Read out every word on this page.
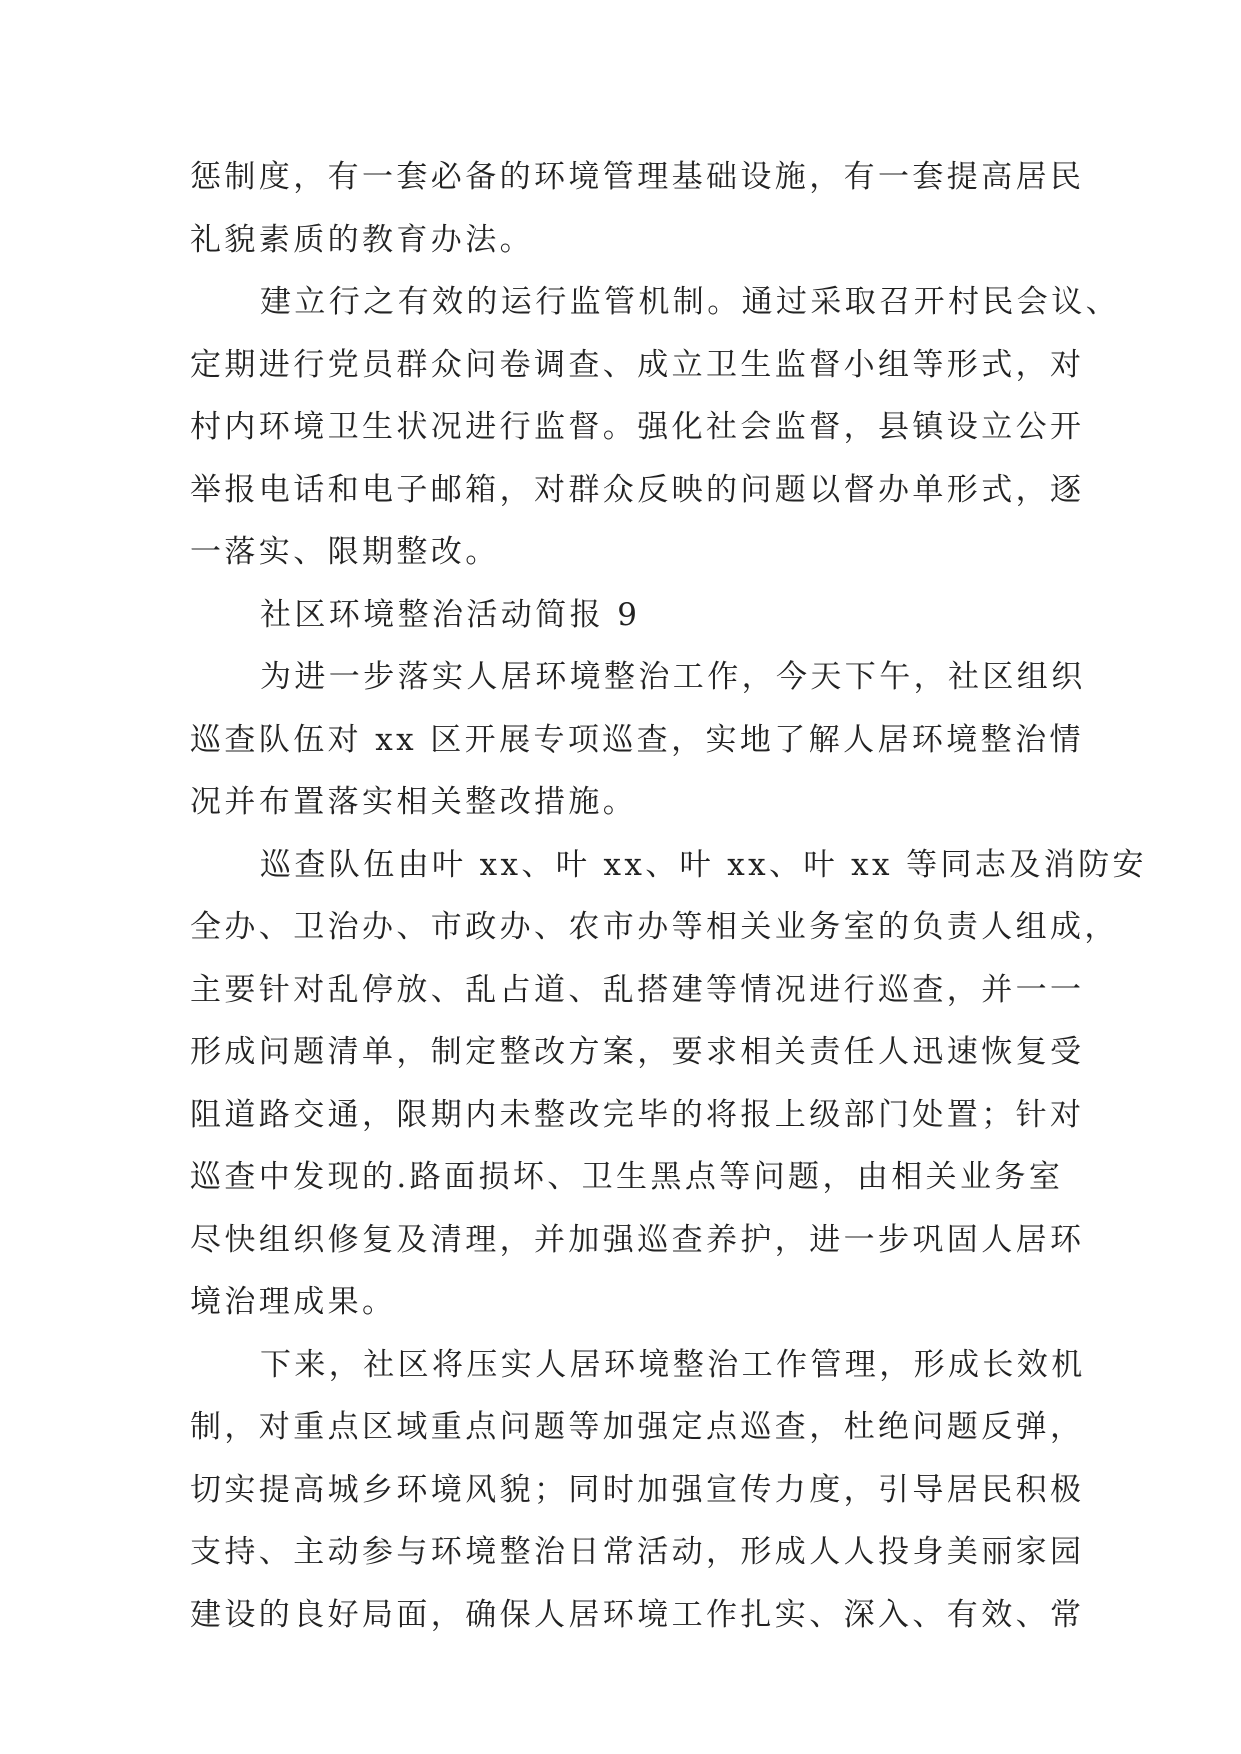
惩制度，有一套必备的环境管理基础设施，有一套提高居民
礼貌素质的教育办法。
建立行之有效的运行监管机制。通过采取召开村民会议、
定期进行党员群众问卷调查、成立卫生监督小组等形式，对
村内环境卫生状况进行监督。强化社会监督，县镇设立公开
举报电话和电子邮箱，对群众反映的问题以督办单形式，逐
一落实、限期整改。
社区环境整治活动简报 9
为进一步落实人居环境整治工作，今天下午，社区组织
巡查队伍对 xx 区开展专项巡查，实地了解人居环境整治情
况并布置落实相关整改措施。
巡查队伍由叶 xx、叶 xx、叶 xx、叶 xx 等同志及消防安
全办、卫治办、市政办、农市办等相关业务室的负责人组成，
主要针对乱停放、乱占道、乱搭建等情况进行巡查，并一一
形成问题清单，制定整改方案，要求相关责任人迅速恢复受
阻道路交通，限期内未整改完毕的将报上级部门处置；针对
巡查中发现的.路面损坏、卫生黑点等问题，由相关业务室
尽快组织修复及清理，并加强巡查养护，进一步巩固人居环
境治理成果。
下来，社区将压实人居环境整治工作管理，形成长效机
制，对重点区域重点问题等加强定点巡查，杜绝问题反弹，
切实提高城乡环境风貌；同时加强宣传力度，引导居民积极
支持、主动参与环境整治日常活动，形成人人投身美丽家园
建设的良好局面，确保人居环境工作扎实、深入、有效、常
